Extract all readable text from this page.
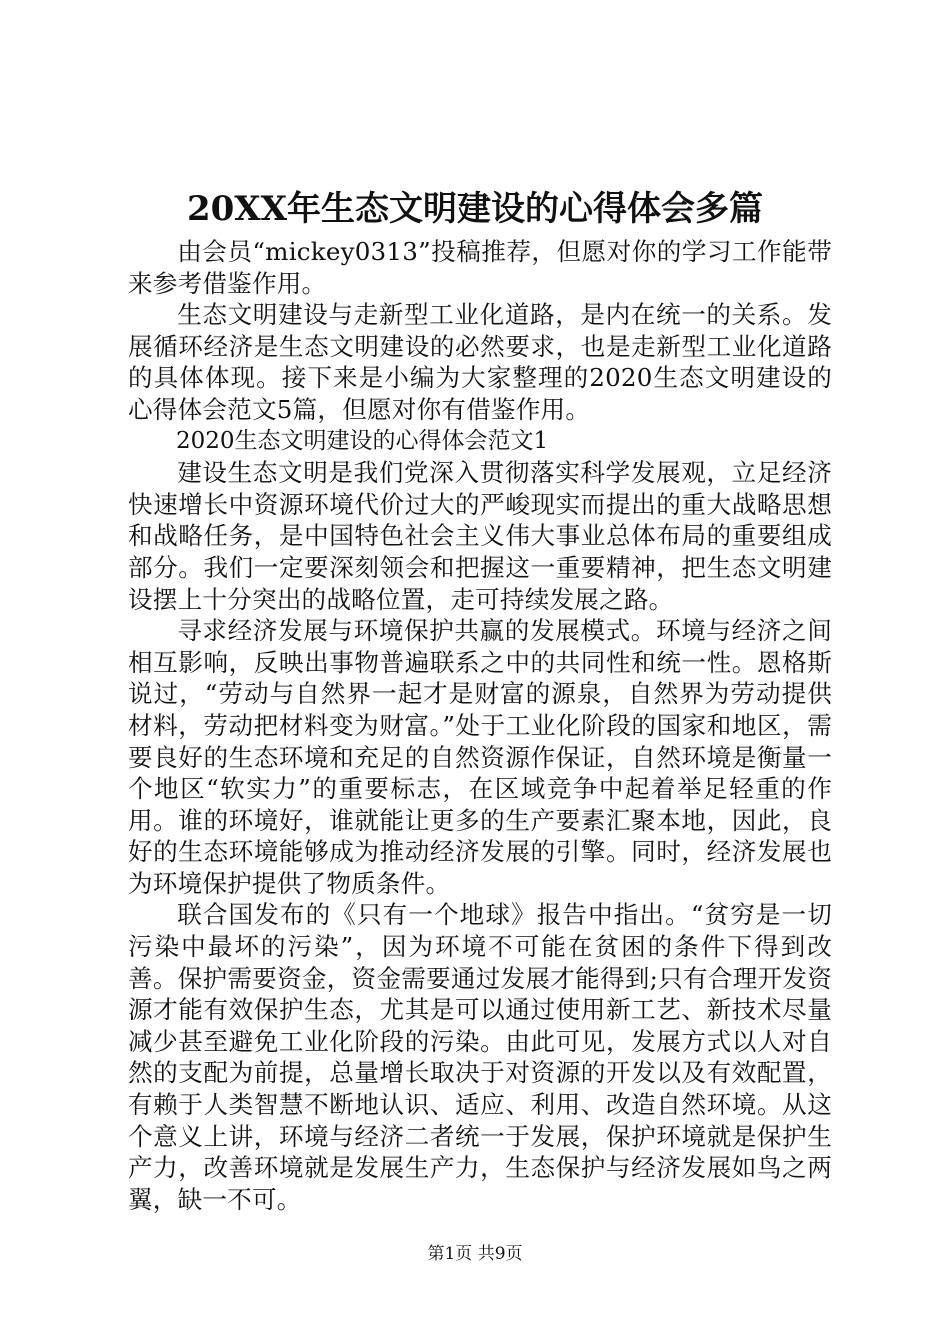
20XX年生态文明建设的心得体会多篇

由会员“mickey0313”投稿推荐，但愿对你的学习工作能带来参考借鉴作用。

生态文明建设与走新型工业化道路，是内在统一的关系。发展循环经济是生态文明建设的必然要求，也是走新型工业化道路的具体体现。接下来是小编为大家整理的2020生态文明建设的心得体会范文5篇，但愿对你有借鉴作用。

2020生态文明建设的心得体会范文1

建设生态文明是我们党深入贯彻落实科学发展观，立足经济快速增长中资源环境代价过大的严峻现实而提出的重大战略思想和战略任务，是中国特色社会主义伟大事业总体布局的重要组成部分。我们一定要深刻领会和把握这一重要精神，把生态文明建设摆上十分突出的战略位置，走可持续发展之路。

寻求经济发展与环境保护共赢的发展模式。环境与经济之间相互影响，反映出事物普遍联系之中的共同性和统一性。恩格斯说过，“劳动与自然界一起才是财富的源泉，自然界为劳动提供材料，劳动把材料变为财富。”处于工业化阶段的国家和地区，需要良好的生态环境和充足的自然资源作保证，自然环境是衡量一个地区“软实力”的重要标志，在区域竞争中起着举足轻重的作用。谁的环境好，谁就能让更多的生产要素汇聚本地，因此，良好的生态环境能够成为推动经济发展的引擎。同时，经济发展也为环境保护提供了物质条件。

联合国发布的《只有一个地球》报告中指出。“贫穷是一切污染中最坏的污染”，因为环境不可能在贫困的条件下得到改善。保护需要资金，资金需要通过发展才能得到;只有合理开发资源才能有效保护生态，尤其是可以通过使用新工艺、新技术尽量减少甚至避免工业化阶段的污染。由此可见，发展方式以人对自然的支配为前提，总量增长取决于对资源的开发以及有效配置，有赖于人类智慧不断地认识、适应、利用、改造自然环境。从这个意义上讲，环境与经济二者统一于发展，保护环境就是保护生产力，改善环境就是发展生产力，生态保护与经济发展如鸟之两翼，缺一不可。

第1页 共9页
